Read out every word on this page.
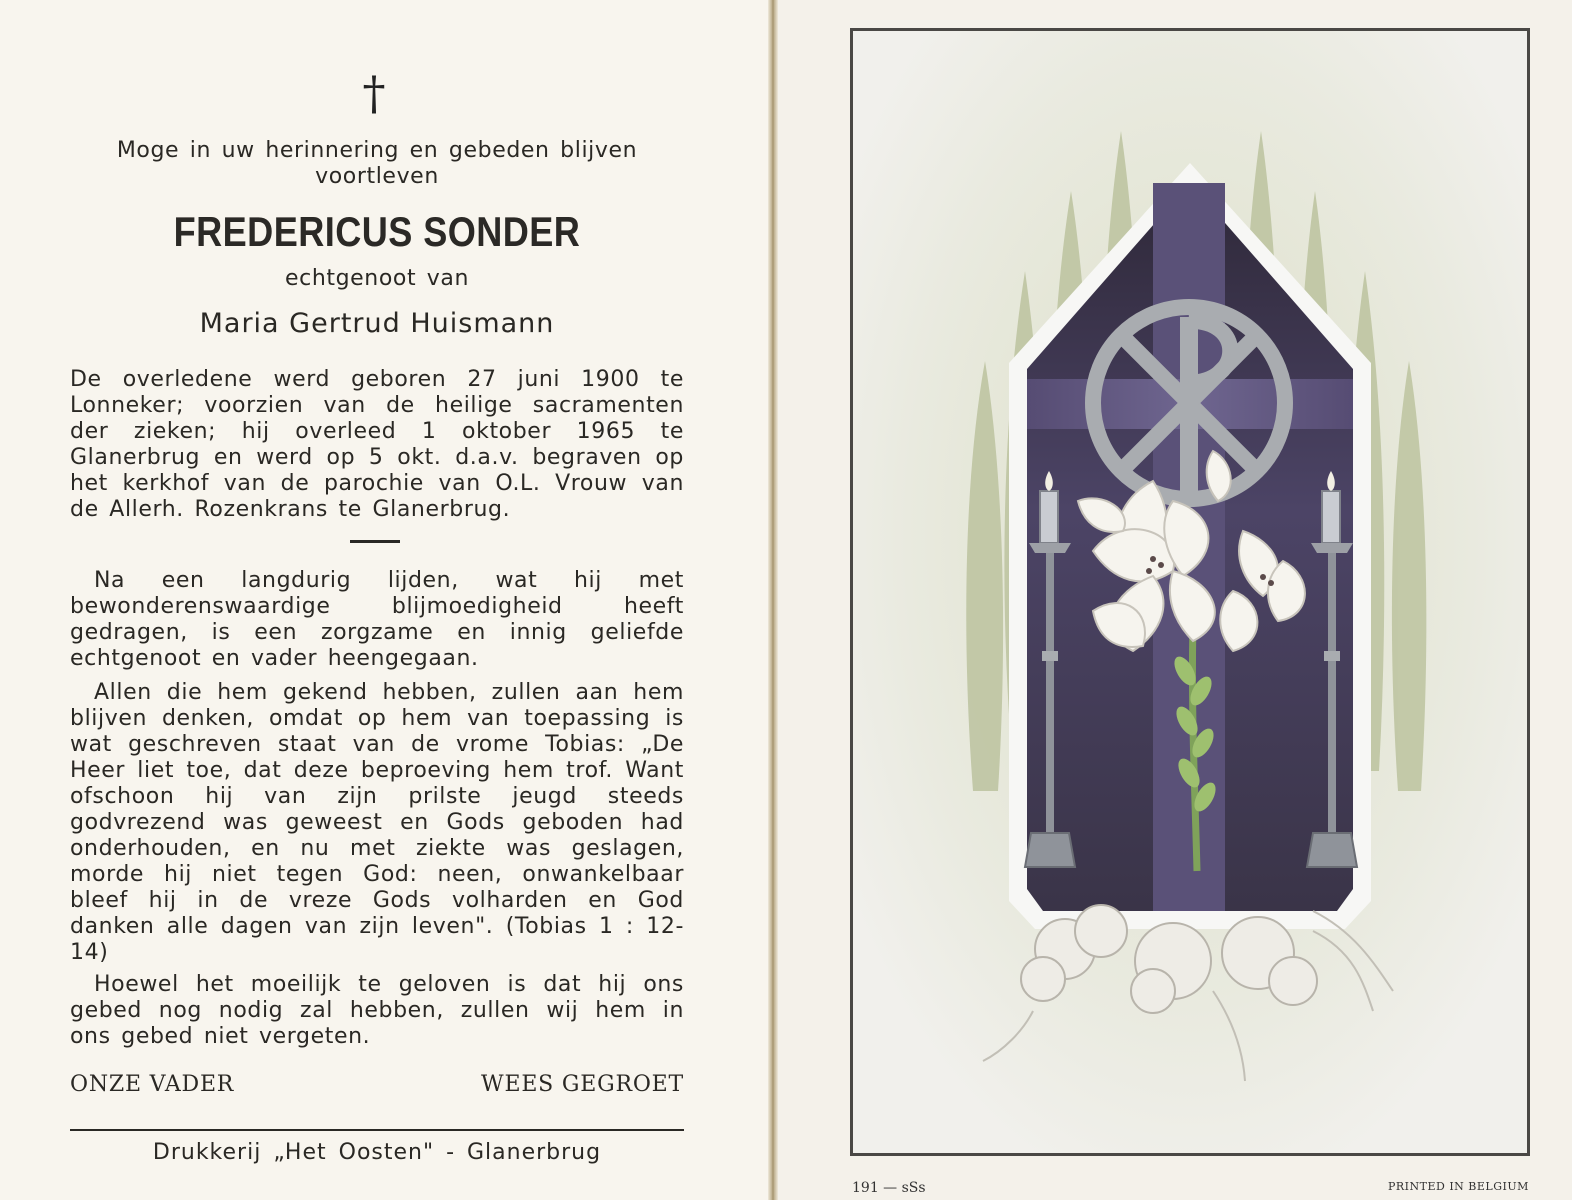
†
Moge in uw herinnering en gebeden blijven voortleven
FREDERICUS SONDER
echtgenoot van
Maria Gertrud Huismann
De overledene werd geboren 27 juni 1900 te Lonneker; voorzien van de heilige sacramenten der zieken; hij overleed 1 oktober 1965 te Glanerbrug en werd op 5 okt. d.a.v. begraven op het kerkhof van de parochie van O.L. Vrouw van de Allerh. Rozenkrans te Glanerbrug.
Na een langdurig lijden, wat hij met bewonderenswaardige blijmoedigheid heeft gedragen, is een zorgzame en innig geliefde echtgenoot en vader heengegaan.
Allen die hem gekend hebben, zullen aan hem blijven denken, omdat op hem van toepassing is wat geschreven staat van de vrome Tobias: „De Heer liet toe, dat deze beproeving hem trof. Want ofschoon hij van zijn prilste jeugd steeds godvrezend was geweest en Gods geboden had onderhouden, en nu met ziekte was geslagen, morde hij niet tegen God: neen, onwankelbaar bleef hij in de vreze Gods volharden en God danken alle dagen van zijn leven". (Tobias 1 : 12-14)
Hoewel het moeilijk te geloven is dat hij ons gebed nog nodig zal hebben, zullen wij hem in ons gebed niet vergeten.
ONZE VADER	WEES GEGROET
Drukkerij „Het Oosten" - Glanerbrug
191 — sSs	PRINTED IN BELGIUM
